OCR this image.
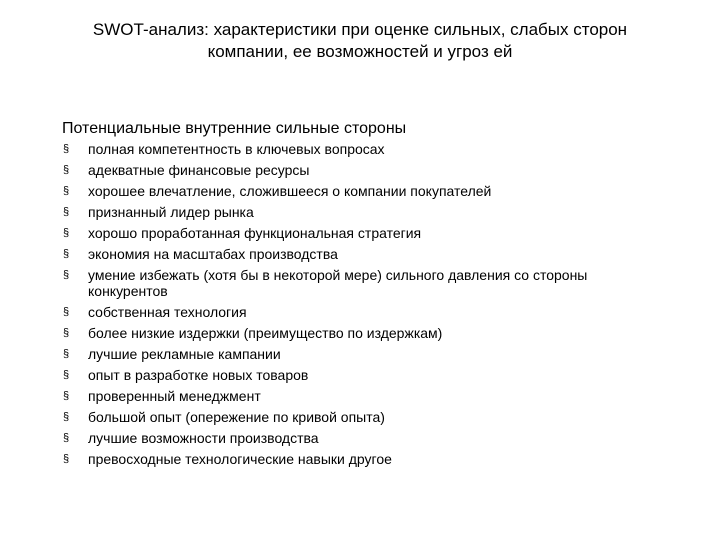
SWOT-анализ: характеристики при оценке сильных, слабых сторон
компании, ее возможностей и угроз ей
Потенциальные внутренние сильные стороны
§ полная компетентность в ключевых вопросах
§ адекватные финансовые ресурсы
§ хорошее влечатление, сложившееся о компании покупателей
§ признанный лидер рынка
§ хорошо проработанная функциональная стратегия
§ экономия на масштабах производства
§ умение избежать (хотя бы в некоторой мере) сильного давления со стороны конкурентов
§ собственная технология
§ более низкие издержки (преимущество по издержкам)
§ лучшие рекламные кампании
§ опыт в разработке новых товаров
§ проверенный менеджмент
§ большой опыт (опережение по кривой опыта)
§ лучшие возможности производства
§ превосходные технологические навыки другое
